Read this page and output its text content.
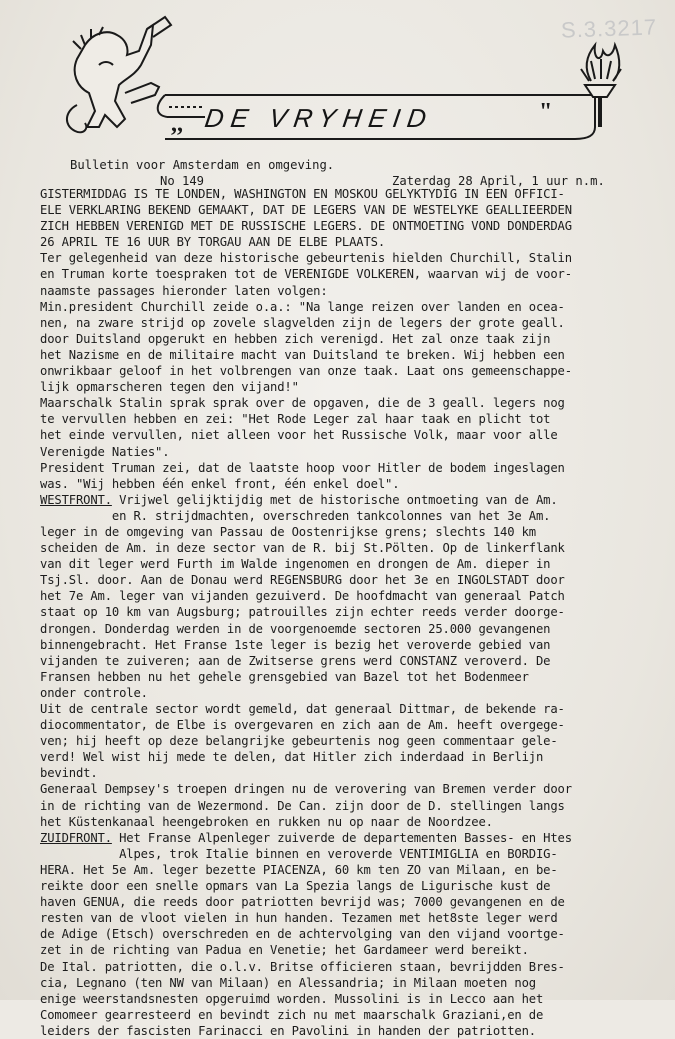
S.3.3217
,, DE VRYHEID	"
Bulletin voor Amsterdam en omgeving.
No 149	Zaterdag 28 April, 1 uur n.m.
GISTERMIDDAG IS TE LONDEN, WASHINGTON EN MOSKOU GELYKTYDIG IN EEN OFFICI-
ELE VERKLARING BEKEND GEMAAKT, DAT DE LEGERS VAN DE WESTELYKE GEALLIEERDEN
ZICH HEBBEN VERENIGD MET DE RUSSISCHE LEGERS. DE ONTMOETING VOND DONDERDAG
26 APRIL TE 16 UUR BY TORGAU AAN DE ELBE PLAATS.
Ter gelegenheid van deze historische gebeurtenis hielden Churchill, Stalin
en Truman korte toespraken tot de VERENIGDE VOLKEREN, waarvan wij de voor-
naamste passages hieronder laten volgen:
Min.president Churchill zeide o.a.: "Na lange reizen over landen en ocea-
nen, na zware strijd op zovele slagvelden zijn de legers der grote geall.
door Duitsland opgerukt en hebben zich verenigd. Het zal onze taak zijn
het Nazisme en de militaire macht van Duitsland te breken. Wij hebben een
onwrikbaar geloof in het volbrengen van onze taak. Laat ons gemeenschappe-
lijk opmarscheren tegen den vijand!"
Maarschalk Stalin sprak sprak over de opgaven, die de 3 geall. legers nog
te vervullen hebben en zei: "Het Rode Leger zal haar taak en plicht tot
het einde vervullen, niet alleen voor het Russische Volk, maar voor alle
Verenigde Naties".
President Truman zei, dat de laatste hoop voor Hitler de bodem ingeslagen
was. "Wij hebben één enkel front, één enkel doel".
WESTFRONT. Vrijwel gelijktijdig met de historische ontmoeting van de Am.
en R. strijdmachten, overschreden tankcolonnes van het 3e Am.
leger in de omgeving van Passau de Oostenrijkse grens; slechts 140 km
scheiden de Am. in deze sector van de R. bij St.Pölten. Op de linkerflank
van dit leger werd Furth im Walde ingenomen en drongen de Am. dieper in
Tsj.Sl. door. Aan de Donau werd REGENSBURG door het 3e en INGOLSTADT door
het 7e Am. leger van vijanden gezuiverd. De hoofdmacht van generaal Patch
staat op 10 km van Augsburg; patrouilles zijn echter reeds verder doorge-
drongen. Donderdag werden in de voorgenoemde sectoren 25.000 gevangenen
binnengebracht. Het Franse 1ste leger is bezig het veroverde gebied van
vijanden te zuiveren; aan de Zwitserse grens werd CONSTANZ veroverd. De
Fransen hebben nu het gehele grensgebied van Bazel tot het Bodenmeer
onder controle.
Uit de centrale sector wordt gemeld, dat generaal Dittmar, de bekende ra-
diocommentator, de Elbe is overgevaren en zich aan de Am. heeft overgege-
ven; hij heeft op deze belangrijke gebeurtenis nog geen commentaar gele-
verd! Wel wist hij mede te delen, dat Hitler zich inderdaad in Berlijn
bevindt.
Generaal Dempsey's troepen dringen nu de verovering van Bremen verder door
in de richting van de Wezermond. De Can. zijn door de D. stellingen langs
het Küstenkanaal heengebroken en rukken nu op naar de Noordzee.
ZUIDFRONT. Het Franse Alpenleger zuiverde de departementen Basses- en Htes
Alpes, trok Italie binnen en veroverde VENTIMIGLIA en BORDIG-
HERA. Het 5e Am. leger bezette PIACENZA, 60 km ten ZO van Milaan, en be-
reikte door een snelle opmars van La Spezia langs de Ligurische kust de
haven GENUA, die reeds door patriotten bevrijd was; 7000 gevangenen en de
resten van de vloot vielen in hun handen. Tezamen met het8ste leger werd
de Adige (Etsch) overschreden en de achtervolging van den vijand voortge-
zet in de richting van Padua en Venetie; het Gardameer werd bereikt.
De Ital. patriotten, die o.l.v. Britse officieren staan, bevrijdden Bres-
cia, Legnano (ten NW van Milaan) en Alessandria; in Milaan moeten nog
enige weerstandsnesten opgeruimd worden. Mussolini is in Lecco aan het
Comomeer gearresteerd en bevindt zich nu met maarschalk Graziani,en de
leiders der fascisten Farinacci en Pavolini in handen der patriotten.
